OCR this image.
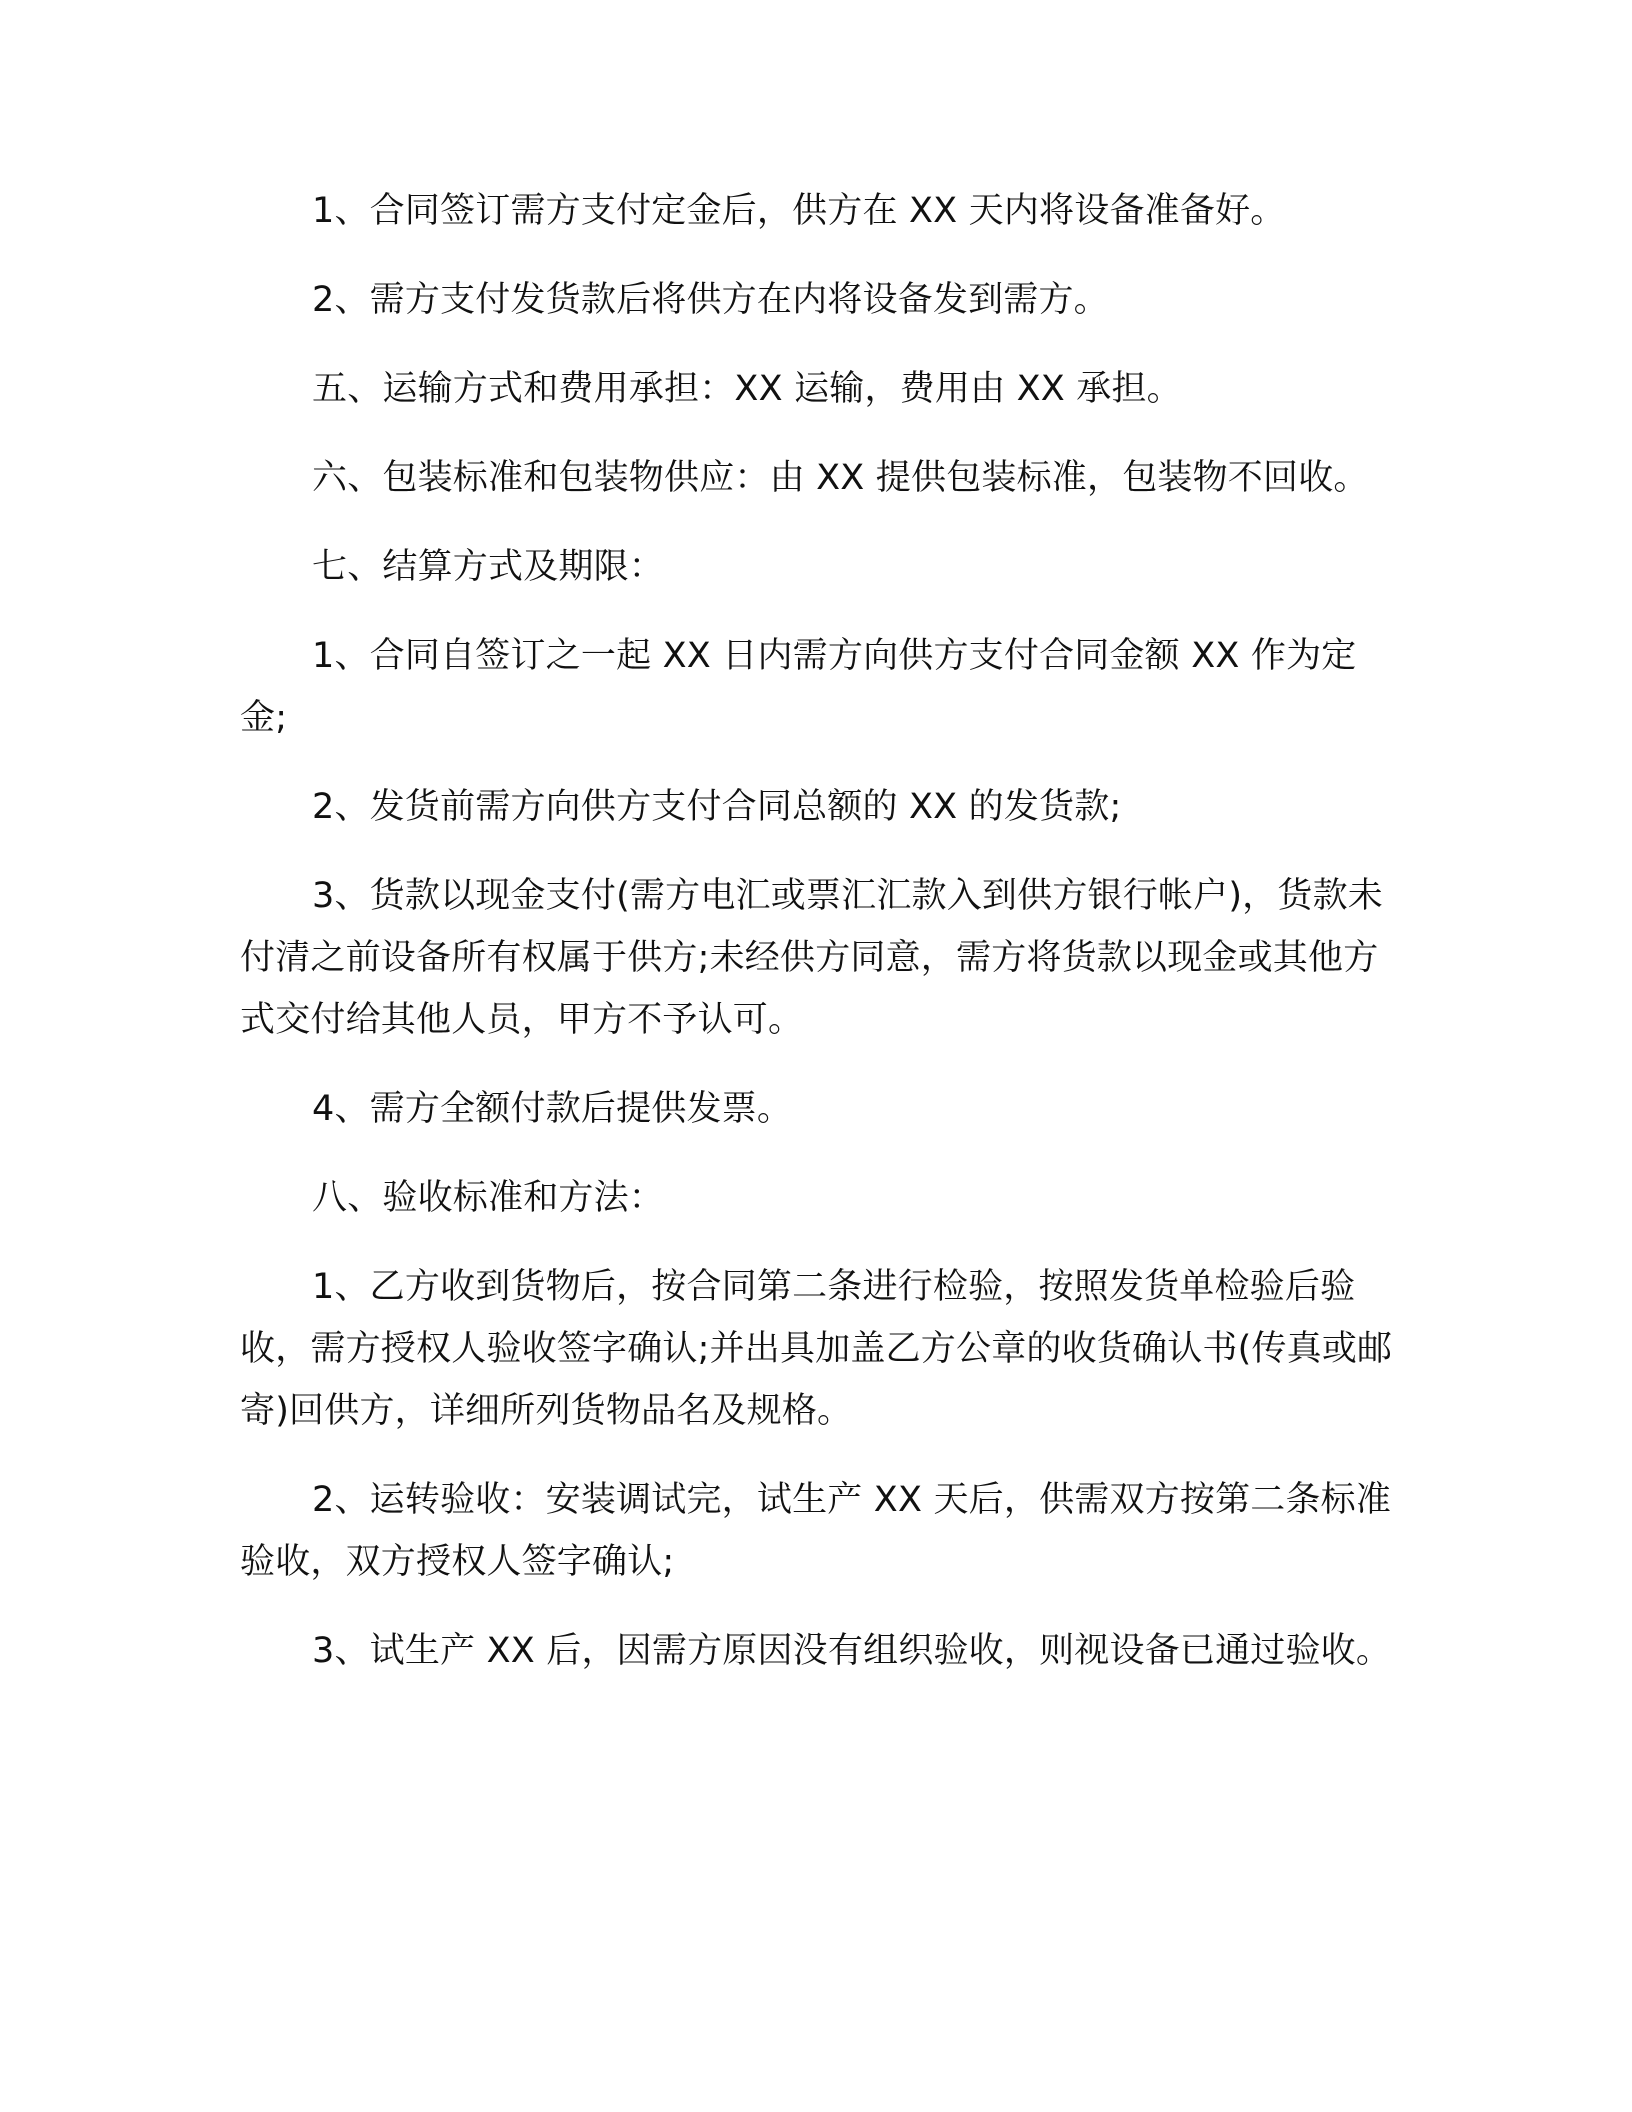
1、合同签订需方支付定金后，供方在 XX 天内将设备准备好。

2、需方支付发货款后将供方在内将设备发到需方。

五、运输方式和费用承担：XX 运输，费用由 XX 承担。

六、包装标准和包装物供应：由 XX 提供包装标准，包装物不回收。

七、结算方式及期限：

1、合同自签订之一起 XX 日内需方向供方支付合同金额 XX 作为定金;

2、发货前需方向供方支付合同总额的 XX 的发货款;

3、货款以现金支付(需方电汇或票汇汇款入到供方银行帐户)，货款未付清之前设备所有权属于供方;未经供方同意，需方将货款以现金或其他方式交付给其他人员，甲方不予认可。

4、需方全额付款后提供发票。

八、验收标准和方法：

1、乙方收到货物后，按合同第二条进行检验，按照发货单检验后验收，需方授权人验收签字确认;并出具加盖乙方公章的收货确认书(传真或邮寄)回供方，详细所列货物品名及规格。

2、运转验收：安装调试完，试生产 XX 天后，供需双方按第二条标准验收，双方授权人签字确认;

3、试生产 XX 后，因需方原因没有组织验收，则视设备已通过验收。
